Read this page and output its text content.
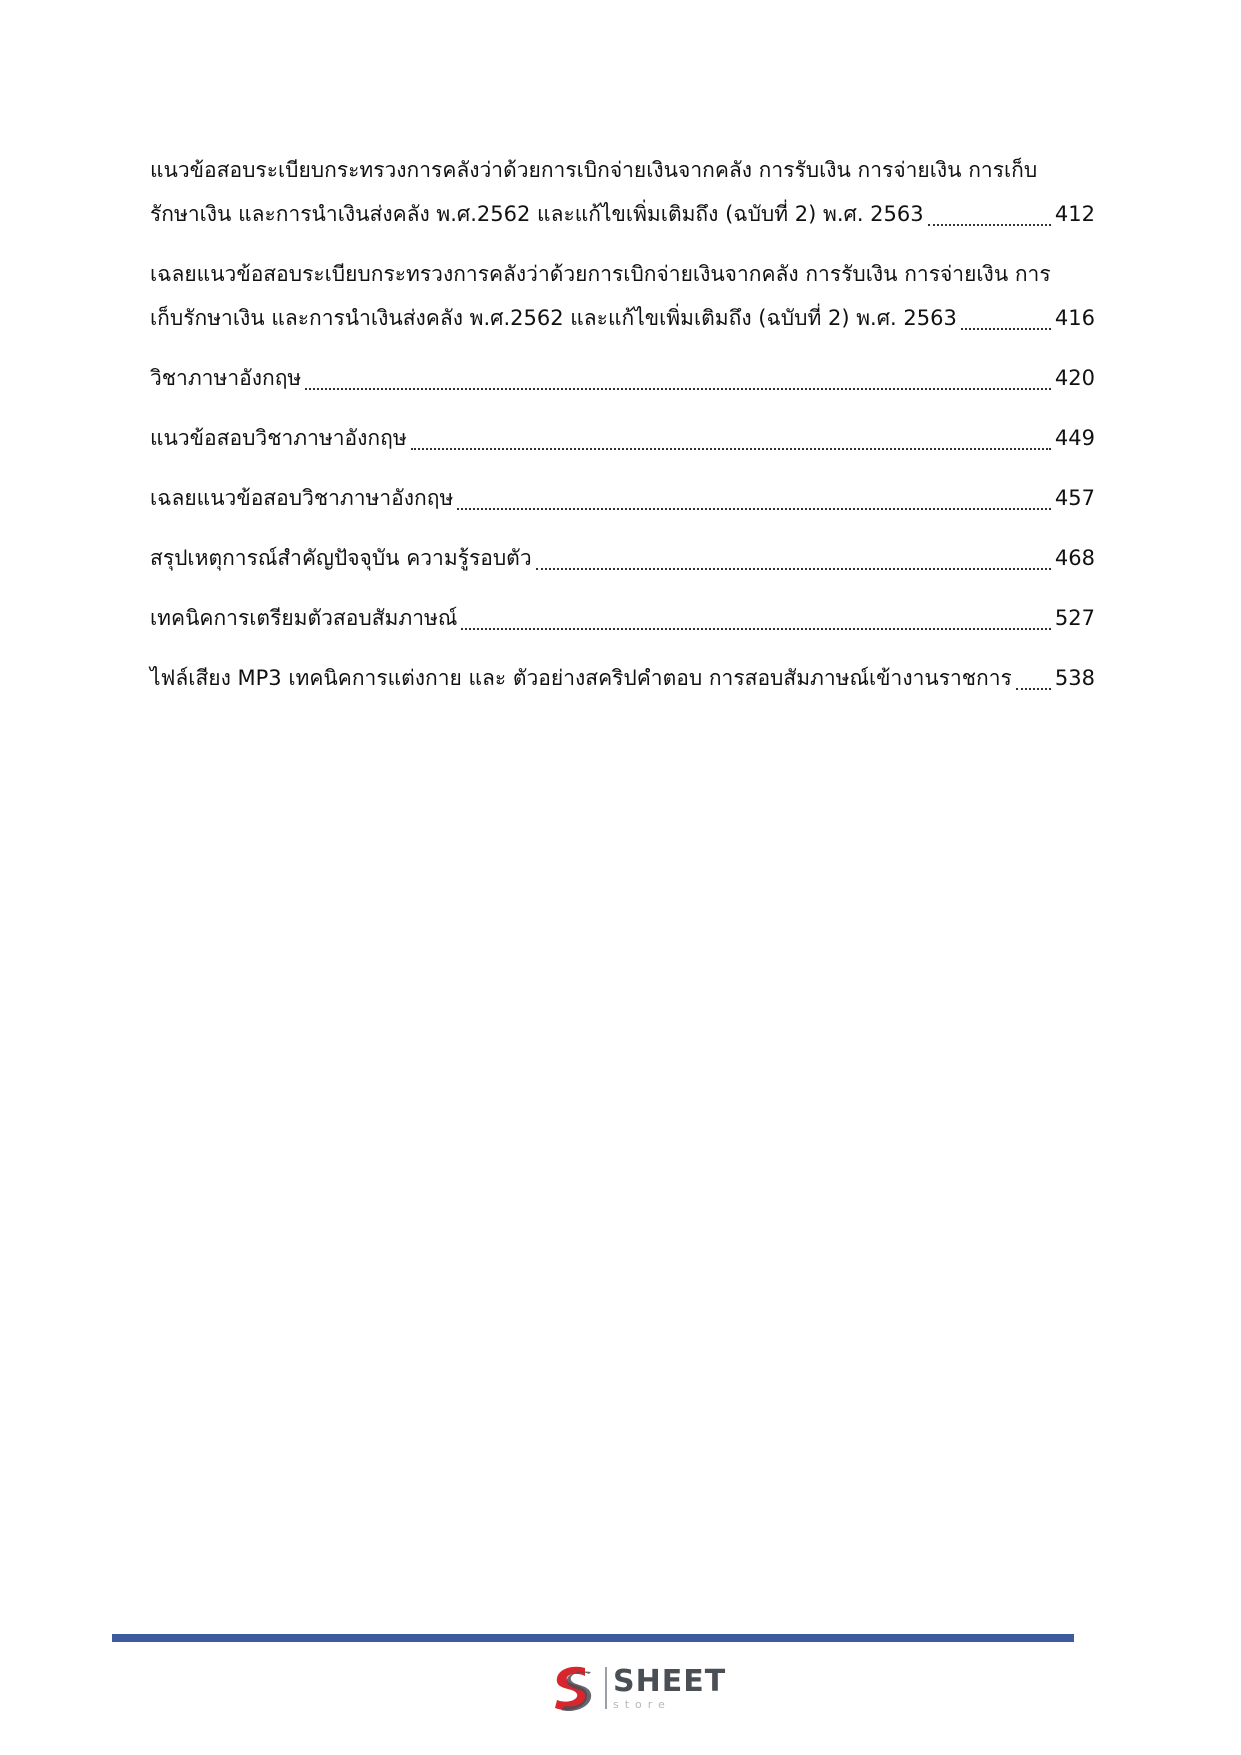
แนวข้อสอบระเบียบกระทรวงการคลังว่าด้วยการเบิกจ่ายเงินจากคลัง การรับเงิน การจ่ายเงิน การเก็บ
รักษาเงิน และการนำเงินส่งคลัง พ.ศ.2562 และแก้ไขเพิ่มเติมถึง (ฉบับที่ 2) พ.ศ. 2563	412
เฉลยแนวข้อสอบระเบียบกระทรวงการคลังว่าด้วยการเบิกจ่ายเงินจากคลัง การรับเงิน การจ่ายเงิน การ
เก็บรักษาเงิน และการนำเงินส่งคลัง พ.ศ.2562 และแก้ไขเพิ่มเติมถึง (ฉบับที่ 2) พ.ศ. 2563	416
วิชาภาษาอังกฤษ	420
แนวข้อสอบวิชาภาษาอังกฤษ	449
เฉลยแนวข้อสอบวิชาภาษาอังกฤษ	457
สรุปเหตุการณ์สำคัญปัจจุบัน ความรู้รอบตัว	468
เทคนิคการเตรียมตัวสอบสัมภาษณ์	527
ไฟล์เสียง MP3 เทคนิคการแต่งกาย และ ตัวอย่างสคริปคำตอบ การสอบสัมภาษณ์เข้างานราชการ 538
SHEET
store
